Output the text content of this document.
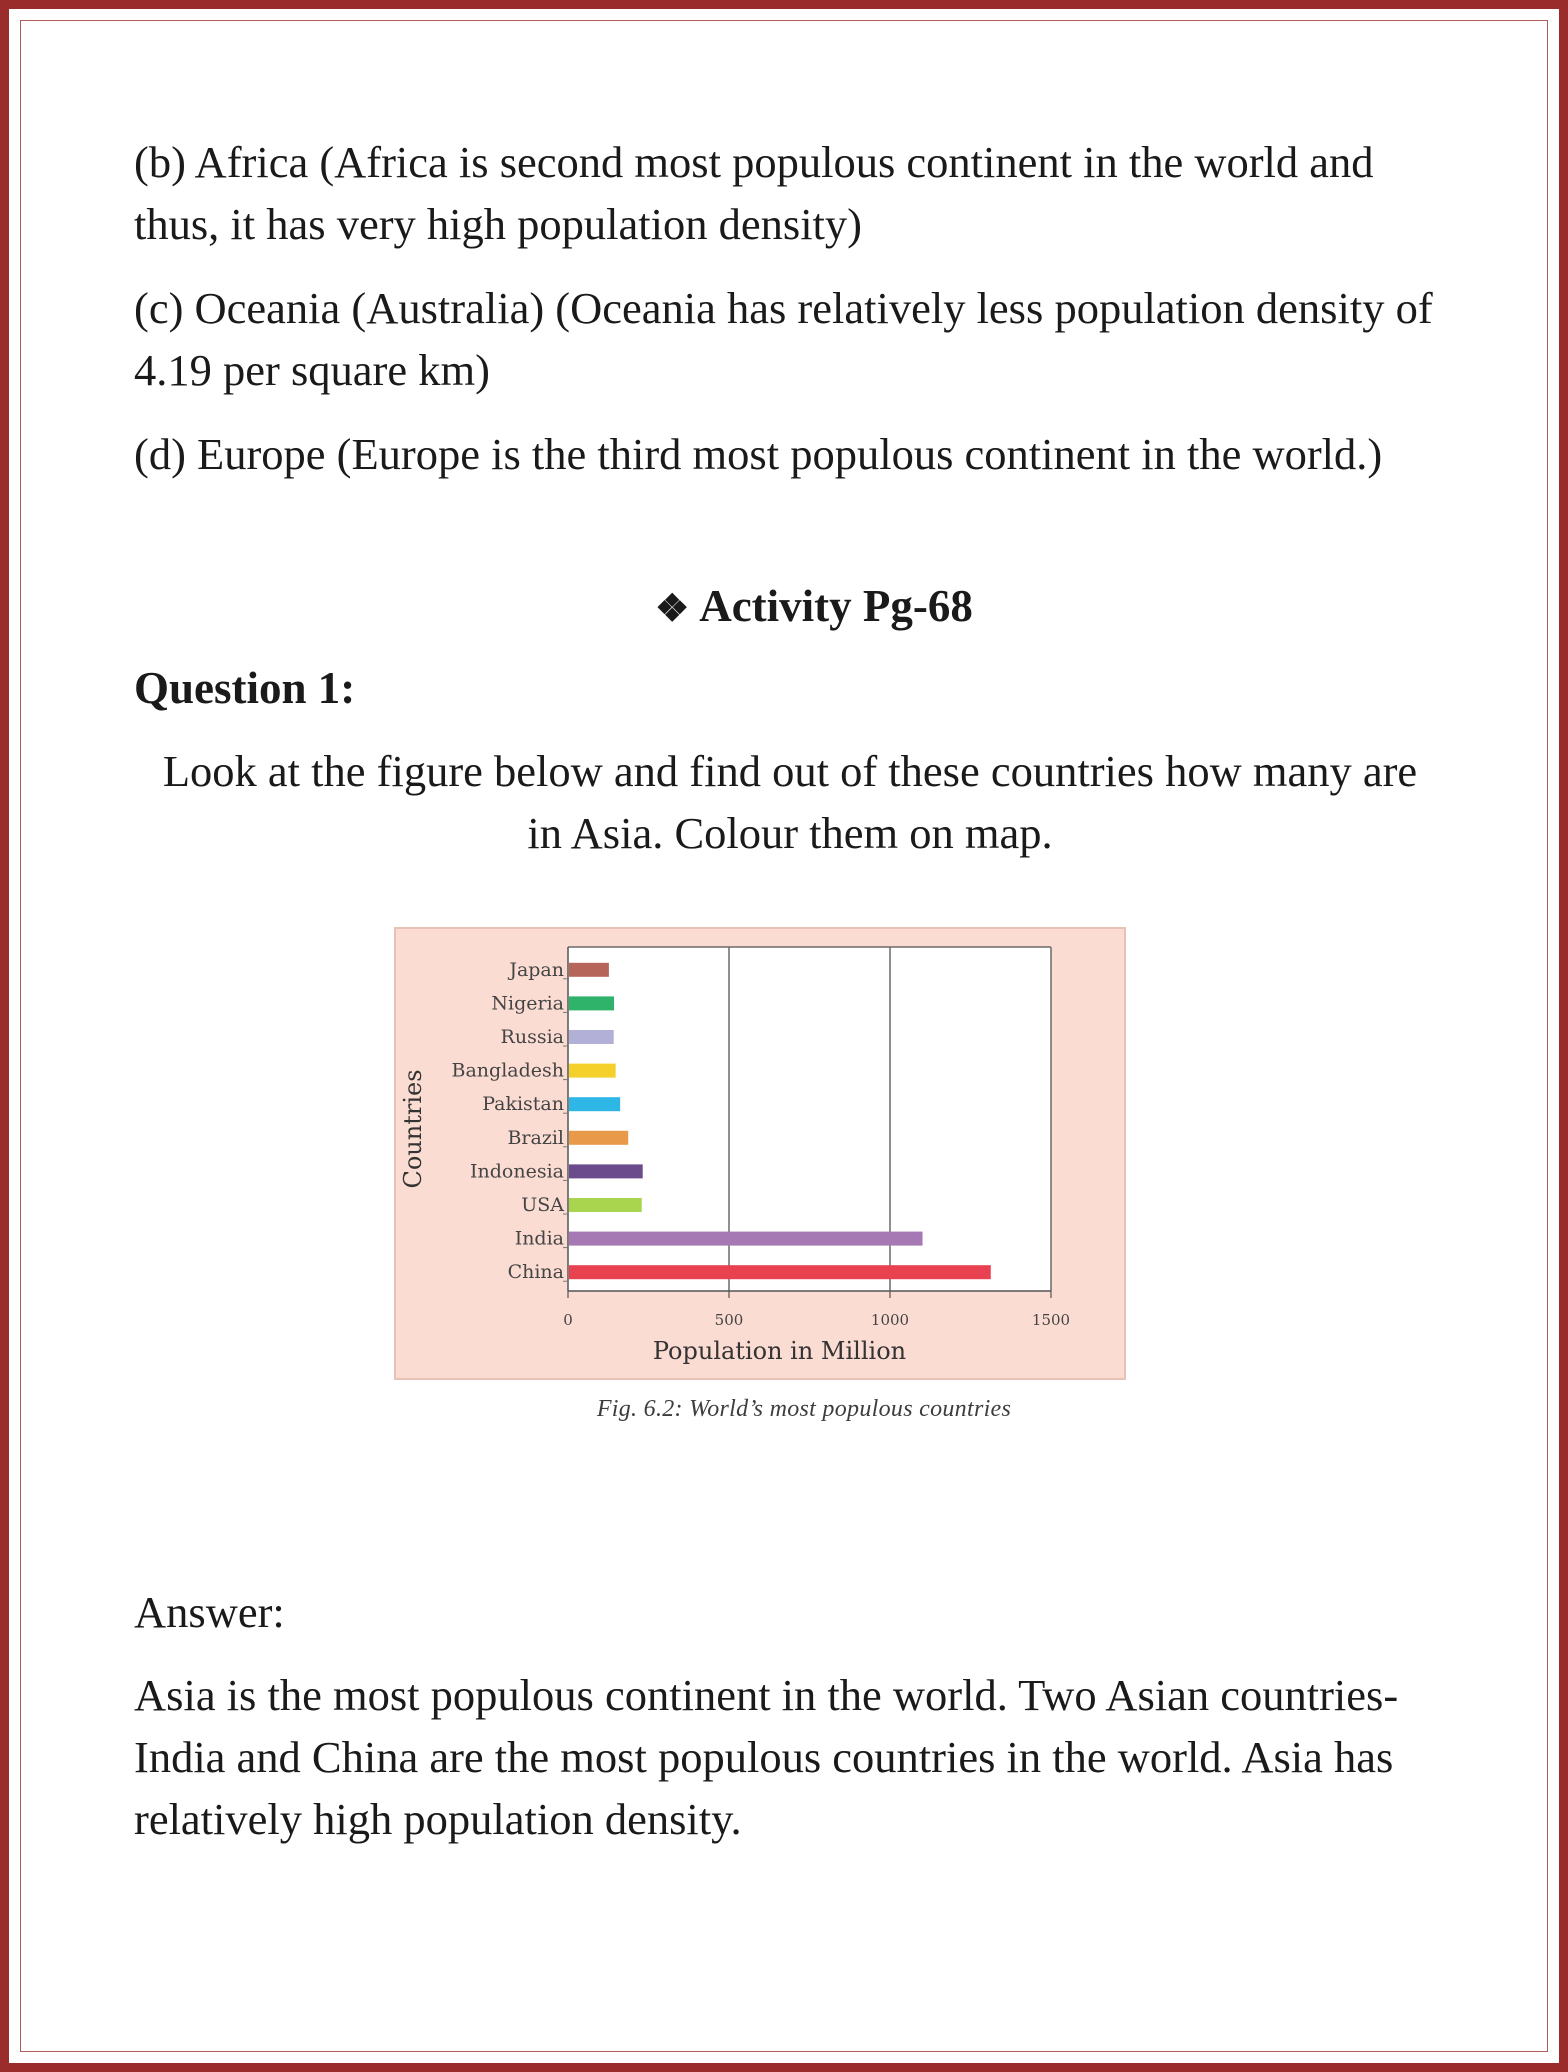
(b) Africa (Africa is second most populous continent in the world and thus, it has very high population density)

(c) Oceania (Australia) (Oceania has relatively less population density of 4.19 per square km)

(d) Europe (Europe is the third most populous continent in the world.)

❖ Activity Pg-68
Question 1:
Look at the figure below and find out of these countries how many are in Asia. Colour them on map.
Japan
Nigeria
Russia
Bangladesh
Pakistan
Brazil
Indonesia
USA
India
China
0	500	1000	1500
Population in Million
Countries
Fig. 6.2: World’s most populous countries
Answer:
Asia is the most populous continent in the world. Two Asian countries- India and China are the most populous countries in the world. Asia has relatively high population density.
